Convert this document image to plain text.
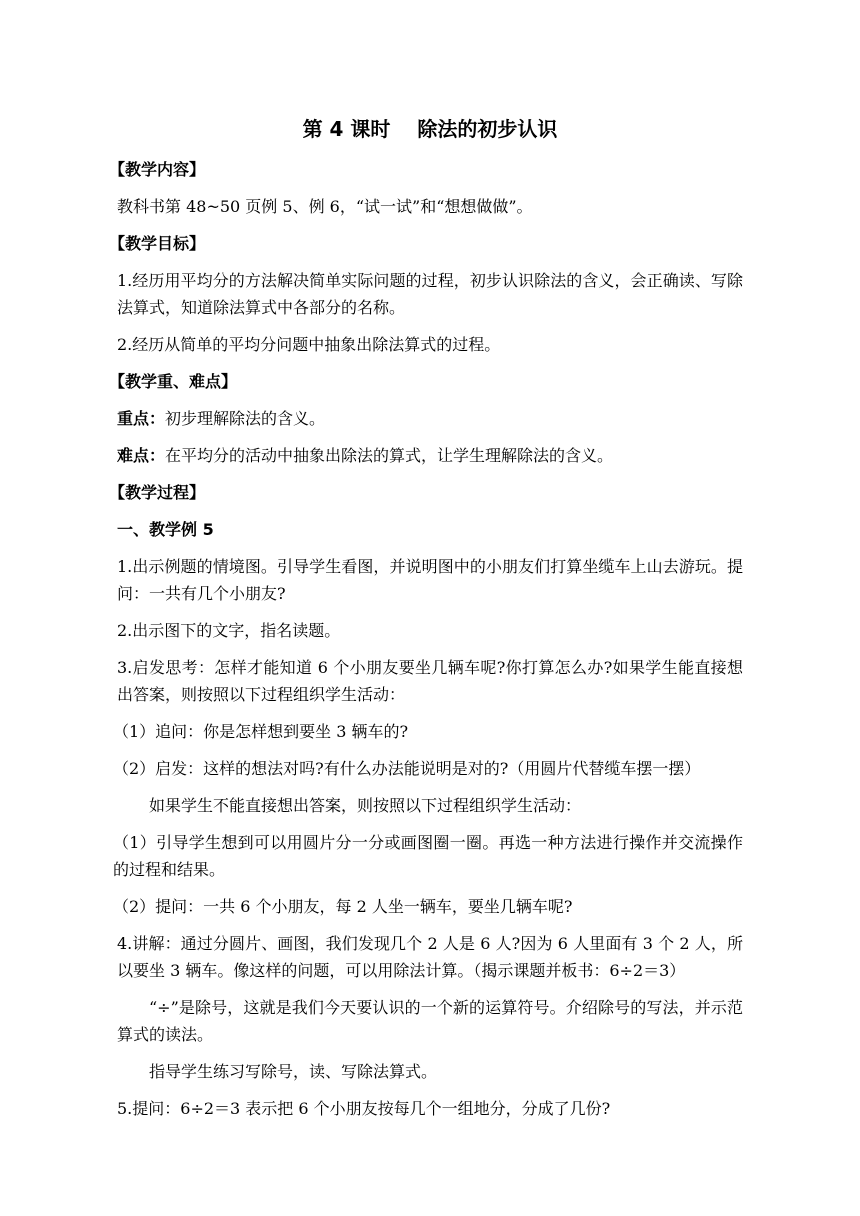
第 4 课时　 除法的初步认识
【教学内容】
教科书第 48~50 页例 5、例 6，“试一试”和“想想做做”。
【教学目标】
1.经历用平均分的方法解决简单实际问题的过程，初步认识除法的含义，会正确读、写除法算式，知道除法算式中各部分的名称。
2.经历从简单的平均分问题中抽象出除法算式的过程。
【教学重、难点】
重点：初步理解除法的含义。
难点：在平均分的活动中抽象出除法的算式，让学生理解除法的含义。
【教学过程】
一、教学例 5
1.出示例题的情境图。引导学生看图，并说明图中的小朋友们打算坐缆车上山去游玩。提问：一共有几个小朋友?
2.出示图下的文字，指名读题。
3.启发思考：怎样才能知道 6 个小朋友要坐几辆车呢?你打算怎么办?如果学生能直接想出答案，则按照以下过程组织学生活动：
（1）追问：你是怎样想到要坐 3 辆车的?
（2）启发：这样的想法对吗?有什么办法能说明是对的?（用圆片代替缆车摆一摆）
如果学生不能直接想出答案，则按照以下过程组织学生活动：
（1）引导学生想到可以用圆片分一分或画图圈一圈。再选一种方法进行操作并交流操作的过程和结果。
（2）提问：一共 6 个小朋友，每 2 人坐一辆车，要坐几辆车呢?
4.讲解：通过分圆片、画图，我们发现几个 2 人是 6 人?因为 6 人里面有 3 个 2 人，所以要坐 3 辆车。像这样的问题，可以用除法计算。（揭示课题并板书：6÷2＝3）
“÷”是除号，这就是我们今天要认识的一个新的运算符号。介绍除号的写法，并示范算式的读法。
指导学生练习写除号，读、写除法算式。
5.提问：6÷2＝3 表示把 6 个小朋友按每几个一组地分，分成了几份?
